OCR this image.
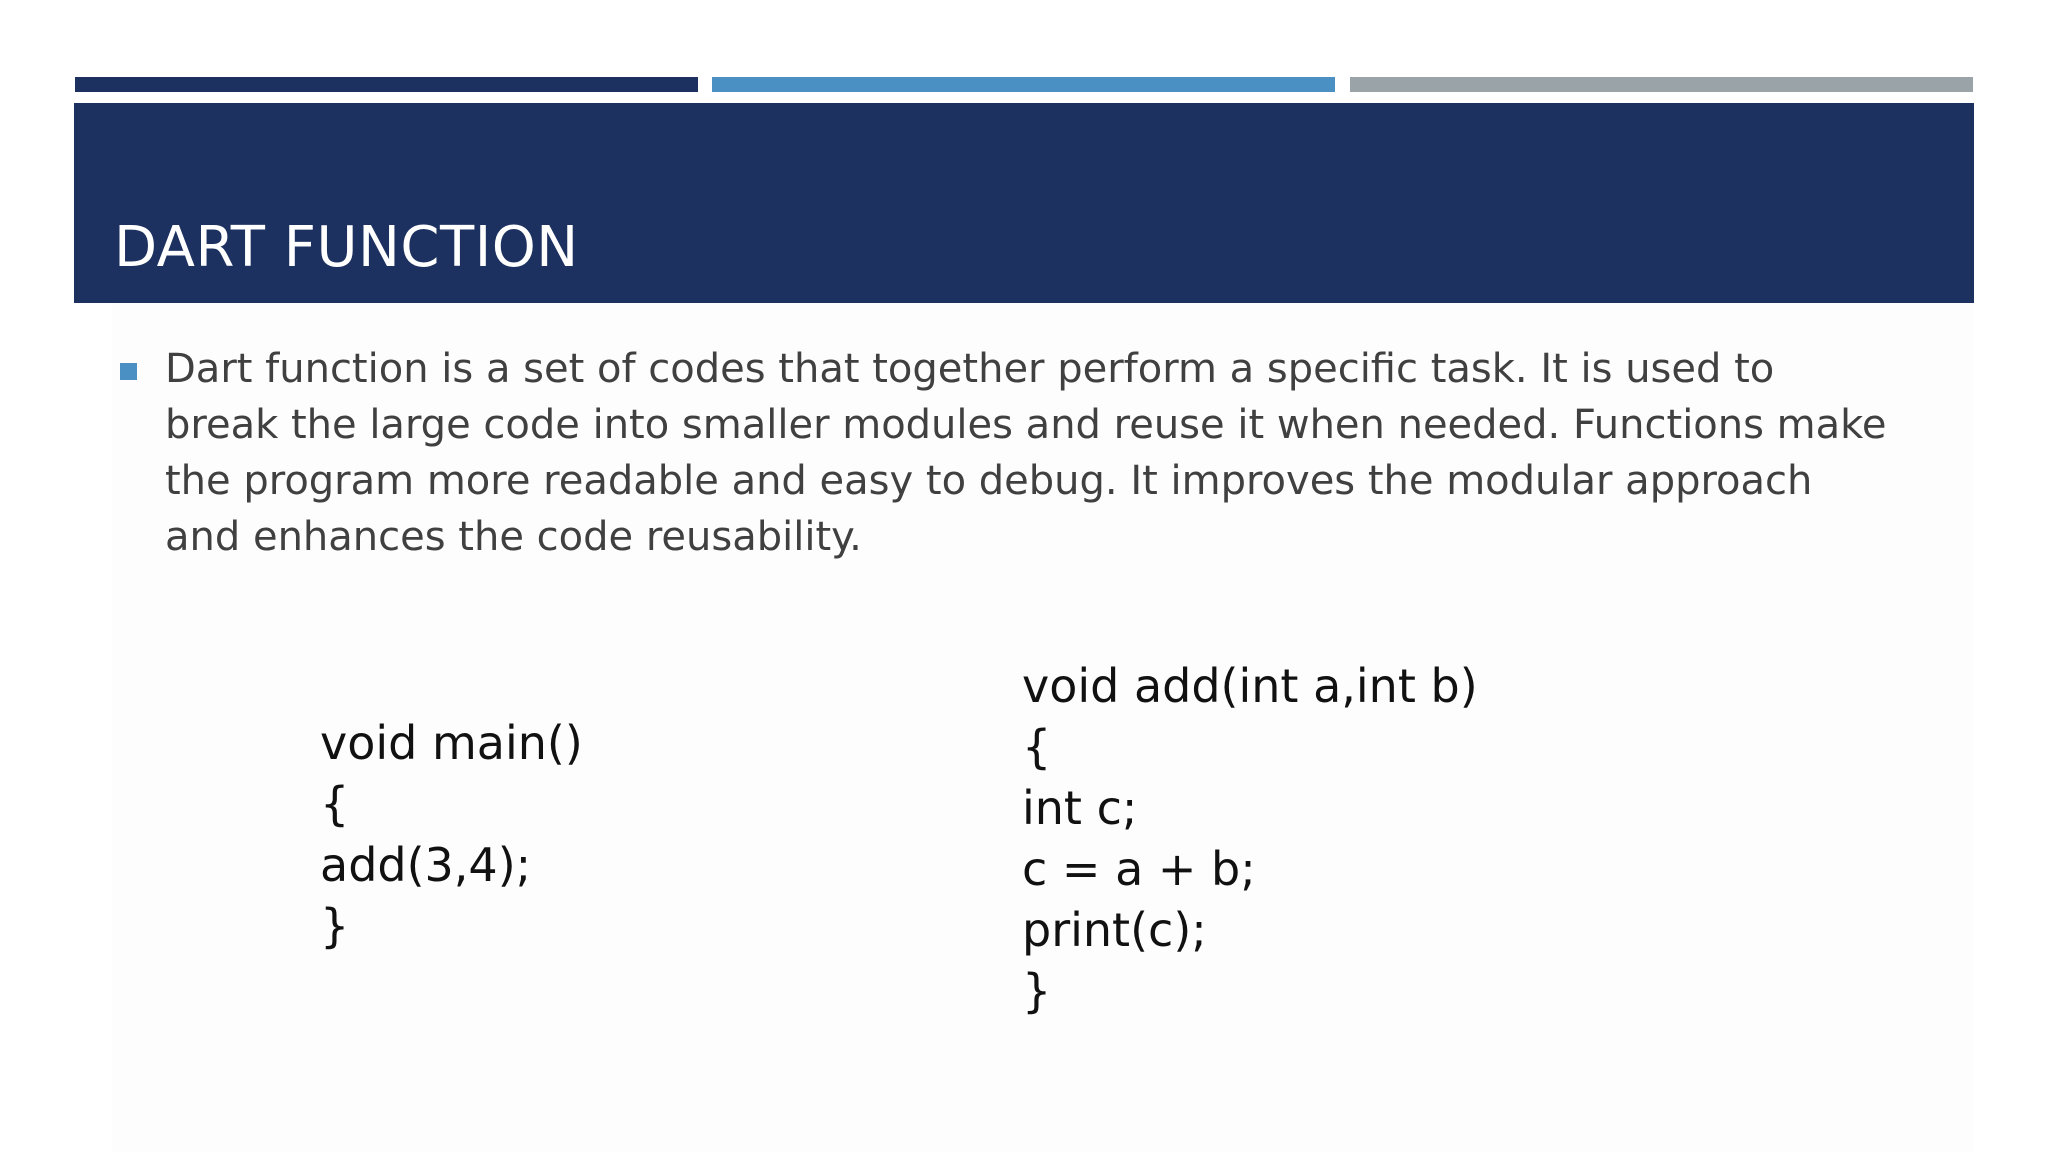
DART FUNCTION

Dart function is a set of codes that together perform a specific task. It is used to
break the large code into smaller modules and reuse it when needed. Functions make
the program more readable and easy to debug. It improves the modular approach
and enhances the code reusability.

void main()
{
add(3,4);
}
void add(int a,int b)
{
int c;
c = a + b;
print(c);
}
